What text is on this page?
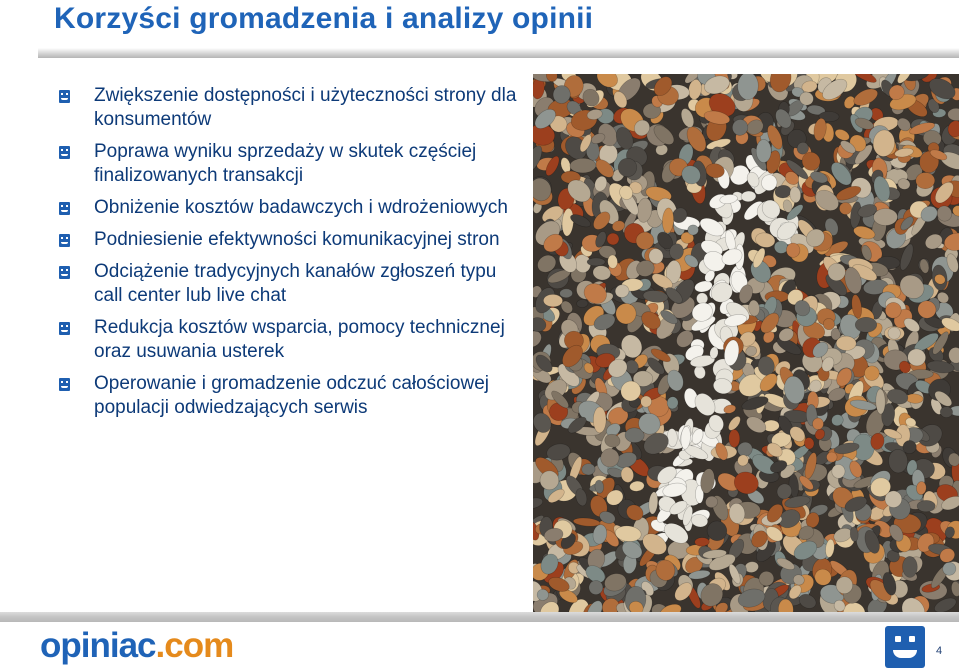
Korzyści gromadzenia i analizy opinii
Zwiększenie dostępności i użyteczności strony dla konsumentów
Poprawa wyniku sprzedaży w skutek częściej finalizowanych transakcji
Obniżenie kosztów badawczych i wdrożeniowych
Podniesienie efektywności komunikacyjnej stron
Odciążenie tradycyjnych kanałów zgłoszeń typu call center lub live chat
Redukcja kosztów wsparcia, pomocy technicznej oraz usuwania usterek
Operowanie i gromadzenie odczuć całościowej populacji odwiedzających serwis
opiniac.com	4
